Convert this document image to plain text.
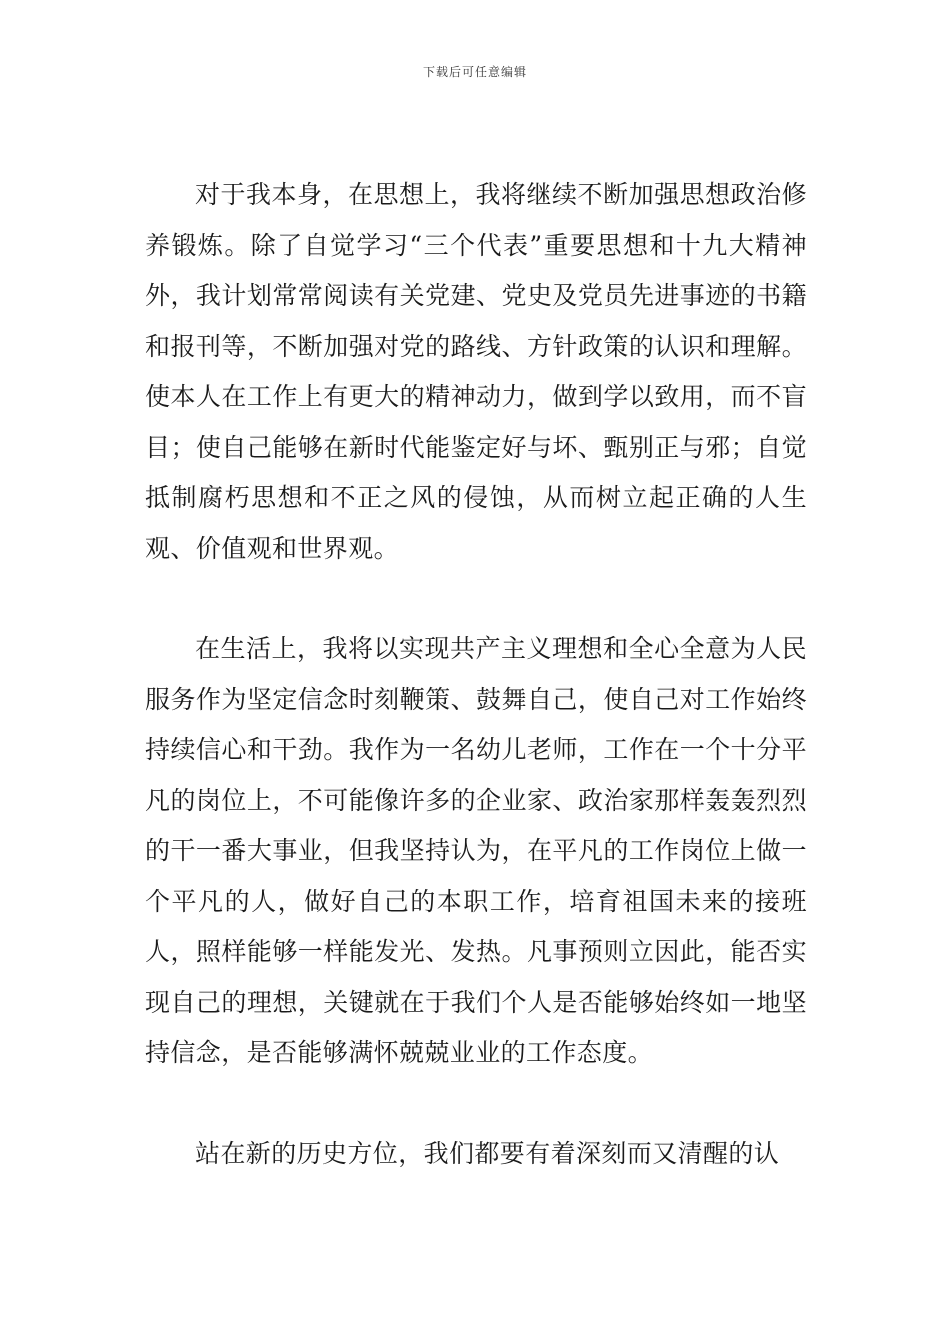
下载后可任意编辑

对于我本身，在思想上，我将继续不断加强思想政治修养锻炼。除了自觉学习“三个代表”重要思想和十九大精神外，我计划常常阅读有关党建、党史及党员先进事迹的书籍和报刊等，不断加强对党的路线、方针政策的认识和理解。使本人在工作上有更大的精神动力，做到学以致用，而不盲目；使自己能够在新时代能鉴定好与坏、甄别正与邪；自觉抵制腐朽思想和不正之风的侵蚀，从而树立起正确的人生观、价值观和世界观。

在生活上，我将以实现共产主义理想和全心全意为人民服务作为坚定信念时刻鞭策、鼓舞自己，使自己对工作始终持续信心和干劲。我作为一名幼儿老师，工作在一个十分平凡的岗位上，不可能像许多的企业家、政治家那样轰轰烈烈的干一番大事业，但我坚持认为，在平凡的工作岗位上做一个平凡的人，做好自己的本职工作，培育祖国未来的接班人，照样能够一样能发光、发热。凡事预则立因此，能否实现自己的理想，关键就在于我们个人是否能够始终如一地坚持信念，是否能够满怀兢兢业业的工作态度。

站在新的历史方位，我们都要有着深刻而又清醒的认
